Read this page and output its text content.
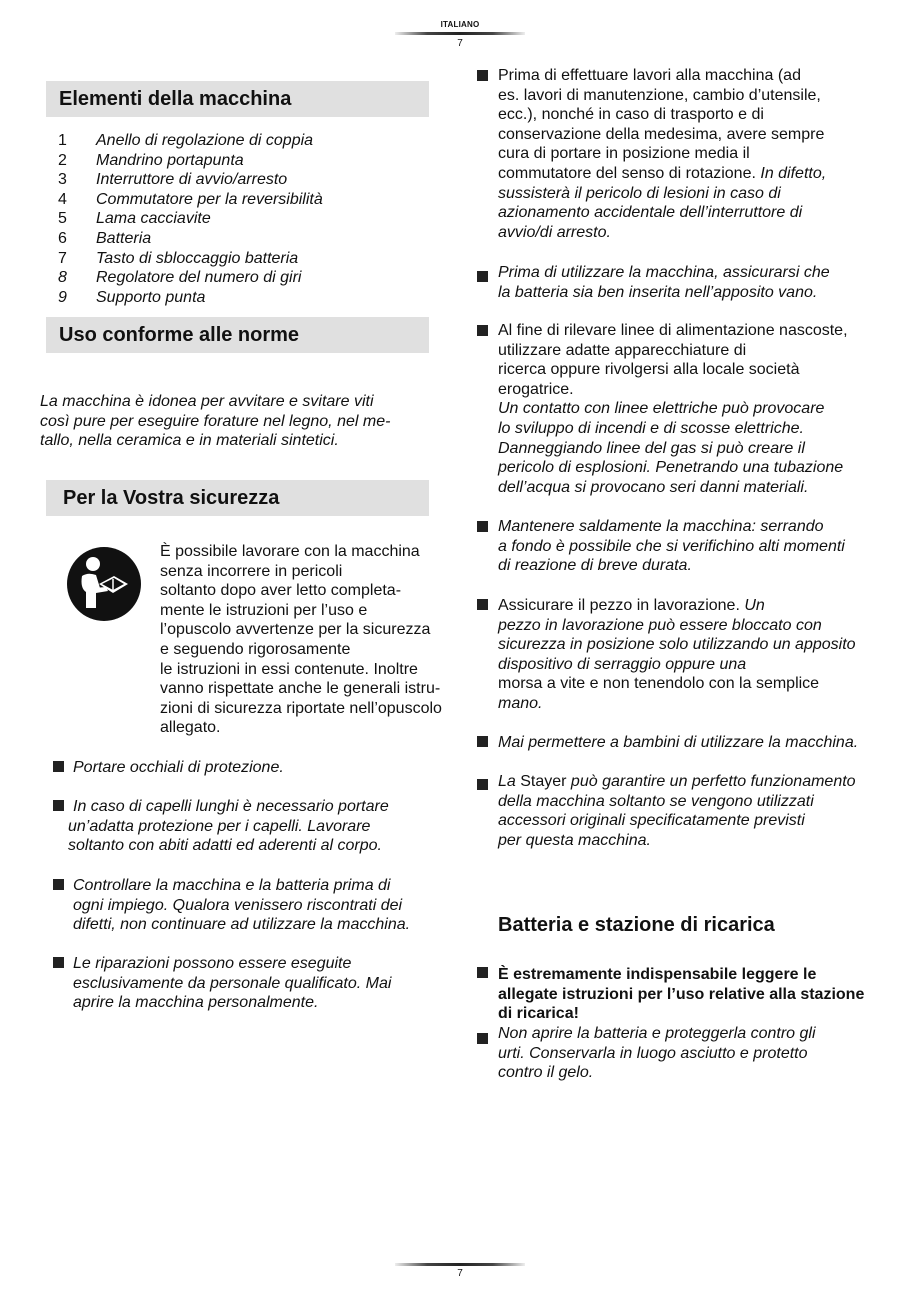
ITALIANO
7
Elementi della macchina
1 Anello di regolazione di coppia
2 Mandrino portapunta
3 Interruttore di avvio/arresto
4 Commutatore per la reversibilità
5 Lama cacciavite
6 Batteria
7 Tasto di sbloccaggio batteria
8 Regolatore del numero di giri
9 Supporto punta
Uso conforme alle norme
La macchina è idonea per avvitare e svitare viti
così pure per eseguire forature nel legno, nel me-
tallo, nella ceramica e in materiali sintetici.
Per la Vostra sicurezza
È possibile lavorare con la macchina
senza incorrere in pericoli
soltanto dopo aver letto completa-
mente le istruzioni per l’uso e
l’opuscolo avvertenze per la sicurezza
e seguendo rigorosamente
le istruzioni in essi contenute. Inoltre
vanno rispettate anche le generali istru-
zioni di sicurezza riportate nell’opuscolo
allegato.
Portare occhiali di protezione.
In caso di capelli lunghi è necessario portare
un’adatta protezione per i capelli. Lavorare
soltanto con abiti adatti ed aderenti al corpo.
Controllare la macchina e la batteria prima di
ogni impiego. Qualora venissero riscontrati dei
difetti, non continuare ad utilizzare la macchina.
Le riparazioni possono essere eseguite
esclusivamente da personale qualificato. Mai
aprire la macchina personalmente.
Prima di effettuare lavori alla macchina (ad
es. lavori di manutenzione, cambio d’utensile,
ecc.), nonché in caso di trasporto e di
conservazione della medesima, avere sempre
cura di portare in posizione media il
commutatore del senso di rotazione. In difetto,
sussisterà il pericolo di lesioni in caso di
azionamento accidentale dell’interruttore di
avvio/di arresto.
Prima di utilizzare la macchina, assicurarsi che
la batteria sia ben inserita nell’apposito vano.
Al fine di rilevare linee di alimentazione nascoste,
utilizzare adatte apparecchiature di
ricerca oppure rivolgersi alla locale società
erogatrice.
Un contatto con linee elettriche può provocare
lo sviluppo di incendi e di scosse elettriche.
Danneggiando linee del gas si può creare il
pericolo di esplosioni. Penetrando una tubazione
dell’acqua si provocano seri danni materiali.
Mantenere saldamente la macchina: serrando
a fondo è possibile che si verifichino alti momenti
di reazione di breve durata.
Assicurare il pezzo in lavorazione. Un
pezzo in lavorazione può essere bloccato con
sicurezza in posizione solo utilizzando un apposito
dispositivo di serraggio oppure una
morsa a vite e non tenendolo con la semplice
mano.
Mai permettere a bambini di utilizzare la macchina.
La Stayer può garantire un perfetto funzionamento
della macchina soltanto se vengono utilizzati
accessori originali specificatamente previsti
per questa macchina.
Batteria e stazione di ricarica
È estremamente indispensabile leggere le
allegate istruzioni per l’uso relative alla stazione
di ricarica!
Non aprire la batteria e proteggerla contro gli
urti. Conservarla in luogo asciutto e protetto
contro il gelo.
7
